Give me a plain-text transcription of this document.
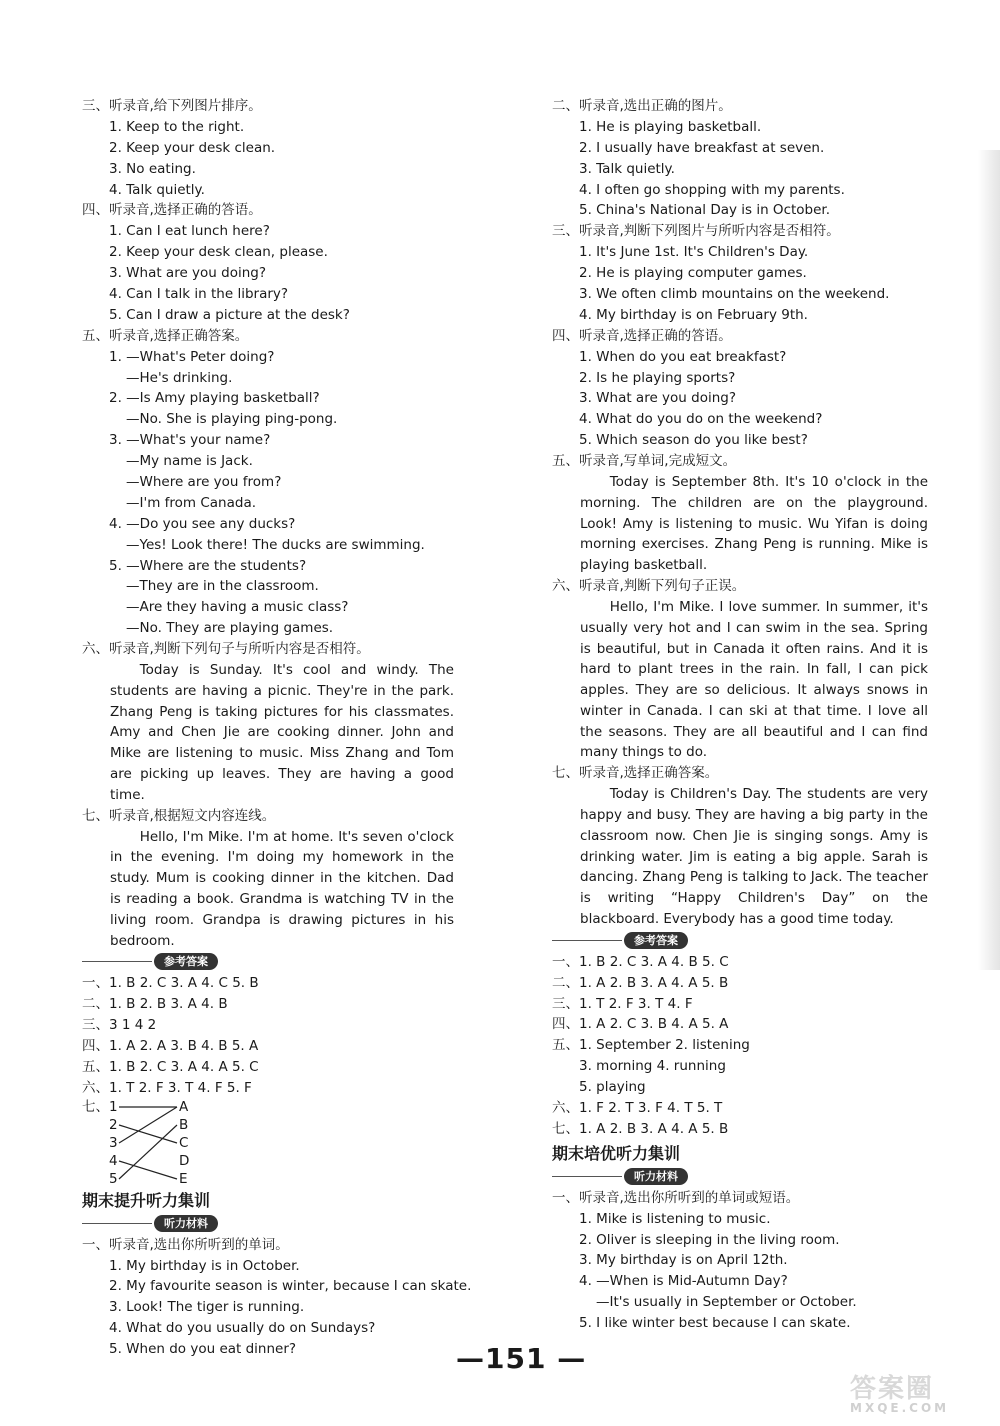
三、听录音,给下列图片排序。
1. Keep to the right.
2. Keep your desk clean.
3. No eating.
4. Talk quietly.
四、听录音,选择正确的答语。
1. Can I eat lunch here?
2. Keep your desk clean, please.
3. What are you doing?
4. Can I talk in the library?
5. Can I draw a picture at the desk?
五、听录音,选择正确答案。
1. —What's Peter doing?
—He's drinking.
2. —Is Amy playing basketball?
—No. She is playing ping-pong.
3. —What's your name?
—My name is Jack.
—Where are you from?
—I'm from Canada.
4. —Do you see any ducks?
—Yes! Look there! The ducks are swimming.
5. —Where are the students?
—They are in the classroom.
—Are they having a music class?
—No. They are playing games.
六、听录音,判断下列句子与所听内容是否相符。
Today is Sunday. It's cool and windy. The students are having a picnic. They're in the park. Zhang Peng is taking pictures for his classmates. Amy and Chen Jie are cooking dinner. John and Mike are listening to music. Miss Zhang and Tom are picking up leaves. They are having a good time.
七、听录音,根据短文内容连线。
Hello, I'm Mike. I'm at home. It's seven o'clock in the evening. I'm doing my homework in the study. Mum is cooking dinner in the kitchen. Dad is reading a book. Grandma is watching TV in the living room. Grandpa is drawing pictures in his bedroom.
参考答案
一、1. B 2. C 3. A 4. C 5. B
二、1. B 2. B 3. A 4. B
三、3 1 4 2
四、1. A 2. A 3. B 4. B 5. A
五、1. B 2. C 3. A 4. A 5. C
六、1. T 2. F 3. T 4. F 5. F
七、 1
2
3
4
5
A
B
C
D
E
期末提升听力集训
听力材料
一、听录音,选出你所听到的单词。
1. My birthday is in October.
2. My favourite season is winter, because I can skate.
3. Look! The tiger is running.
4. What do you usually do on Sundays?
5. When do you eat dinner?
二、听录音,选出正确的图片。
1. He is playing basketball.
2. I usually have breakfast at seven.
3. Talk quietly.
4. I often go shopping with my parents.
5. China's National Day is in October.
三、听录音,判断下列图片与所听内容是否相符。
1. It's June 1st. It's Children's Day.
2. He is playing computer games.
3. We often climb mountains on the weekend.
4. My birthday is on February 9th.
四、听录音,选择正确的答语。
1. When do you eat breakfast?
2. Is he playing sports?
3. What are you doing?
4. What do you do on the weekend?
5. Which season do you like best?
五、听录音,写单词,完成短文。
Today is September 8th. It's 10 o'clock in the morning. The children are on the playground. Look! Amy is listening to music. Wu Yifan is doing morning exercises. Zhang Peng is running. Mike is playing basketball.
六、听录音,判断下列句子正误。
Hello, I'm Mike. I love summer. In summer, it's usually very hot and I can swim in the sea. Spring is beautiful, but in Canada it often rains. And it is hard to plant trees in the rain. In fall, I can pick apples. They are so delicious. It always snows in winter in Canada. I can ski at that time. I love all the seasons. They are all beautiful and I can find many things to do.
七、听录音,选择正确答案。
Today is Children's Day. The students are very happy and busy. They are having a big party in the classroom now. Chen Jie is singing songs. Amy is drinking water. Jim is eating a big apple. Sarah is dancing. Zhang Peng is talking to Jack. The teacher is writing “Happy Children's Day” on the blackboard. Everybody has a good time today.
参考答案
一、1. B 2. C 3. A 4. B 5. C
二、1. A 2. B 3. A 4. A 5. B
三、1. T 2. F 3. T 4. F
四、1. A 2. C 3. B 4. A 5. A
五、1. September 2. listening
3. morning 4. running
5. playing
六、1. F 2. T 3. F 4. T 5. T
七、1. A 2. B 3. A 4. A 5. B
期末培优听力集训
听力材料
一、听录音,选出你所听到的单词或短语。
1. Mike is listening to music.
2. Oliver is sleeping in the living room.
3. My birthday is on April 12th.
4. —When is Mid-Autumn Day?
—It's usually in September or October.
5. I like winter best because I can skate.
—151 —
答案圈
MXQE.COM
